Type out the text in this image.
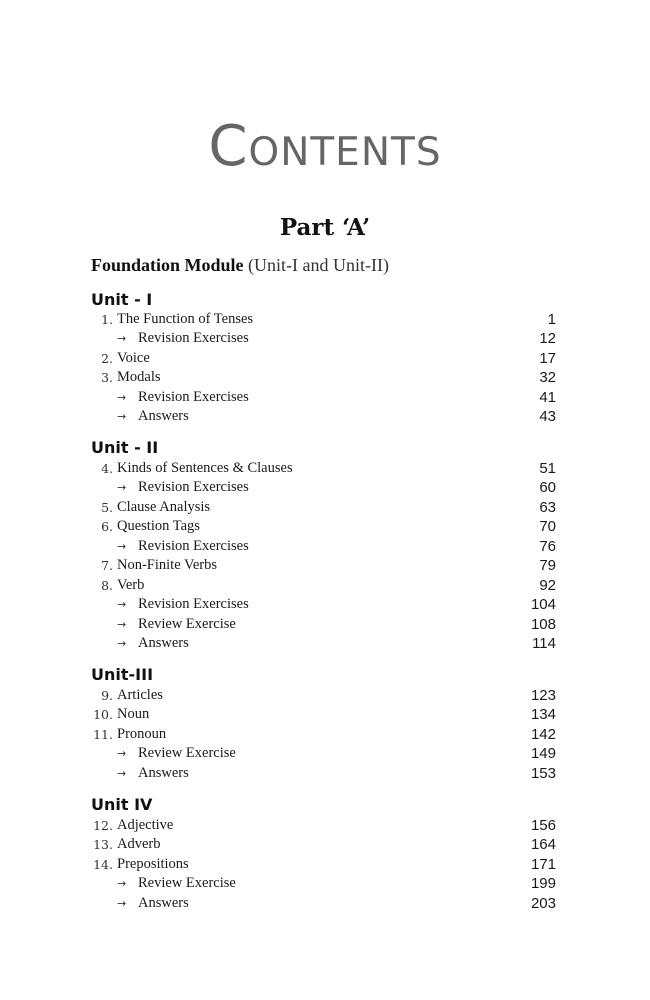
Contents
Part ‘A’
Foundation Module (Unit-I and Unit-II)
Unit - I
1. The Function of Tenses	1
→ Revision Exercises	12
2. Voice	17
3. Modals	32
→ Revision Exercises	41
→ Answers	43
Unit - II
4. Kinds of Sentences & Clauses	51
→ Revision Exercises	60
5. Clause Analysis	63
6. Question Tags	70
→ Revision Exercises	76
7. Non-Finite Verbs	79
8. Verb	92
→ Revision Exercises	104
→ Review Exercise	108
→ Answers	114
Unit-III
9. Articles	123
10. Noun	134
11. Pronoun	142
→ Review Exercise	149
→ Answers	153
Unit IV
12. Adjective	156
13. Adverb	164
14. Prepositions	171
→ Review Exercise	199
→ Answers	203
